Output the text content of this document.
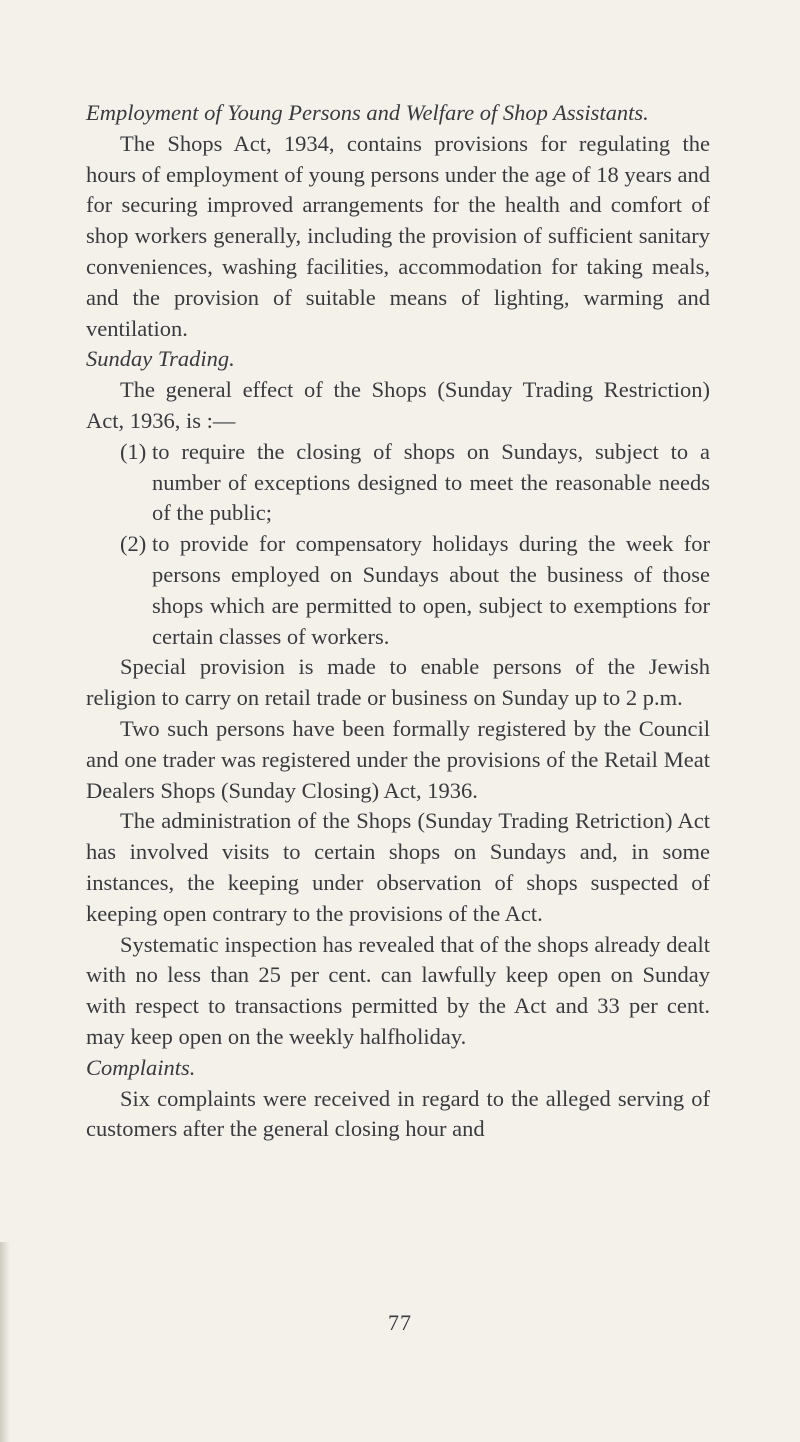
Employment of Young Persons and Welfare of Shop Assistants.

The Shops Act, 1934, contains provisions for regulating the hours of employment of young persons under the age of 18 years and for securing improved arrangements for the health and comfort of shop workers generally, including the provision of sufficient sanitary conveniences, washing facilities, accommodation for taking meals, and the provision of suitable means of lighting, warming and ventilation.

Sunday Trading.

The general effect of the Shops (Sunday Trading Restriction) Act, 1936, is :—

(1) to require the closing of shops on Sundays, subject to a number of exceptions designed to meet the reasonable needs of the public;
(2) to provide for compensatory holidays during the week for persons employed on Sundays about the business of those shops which are permitted to open, subject to exemptions for certain classes of workers.

Special provision is made to enable persons of the Jewish religion to carry on retail trade or business on Sunday up to 2 p.m.

Two such persons have been formally registered by the Council and one trader was registered under the provisions of the Retail Meat Dealers Shops (Sunday Closing) Act, 1936.

The administration of the Shops (Sunday Trading Retriction) Act has involved visits to certain shops on Sundays and, in some instances, the keeping under observation of shops suspected of keeping open contrary to the provisions of the Act.

Systematic inspection has revealed that of the shops already dealt with no less than 25 per cent. can lawfully keep open on Sunday with respect to transactions permitted by the Act and 33 per cent. may keep open on the weekly halfholiday.

Complaints.

Six complaints were received in regard to the alleged serving of customers after the general closing hour and

77
